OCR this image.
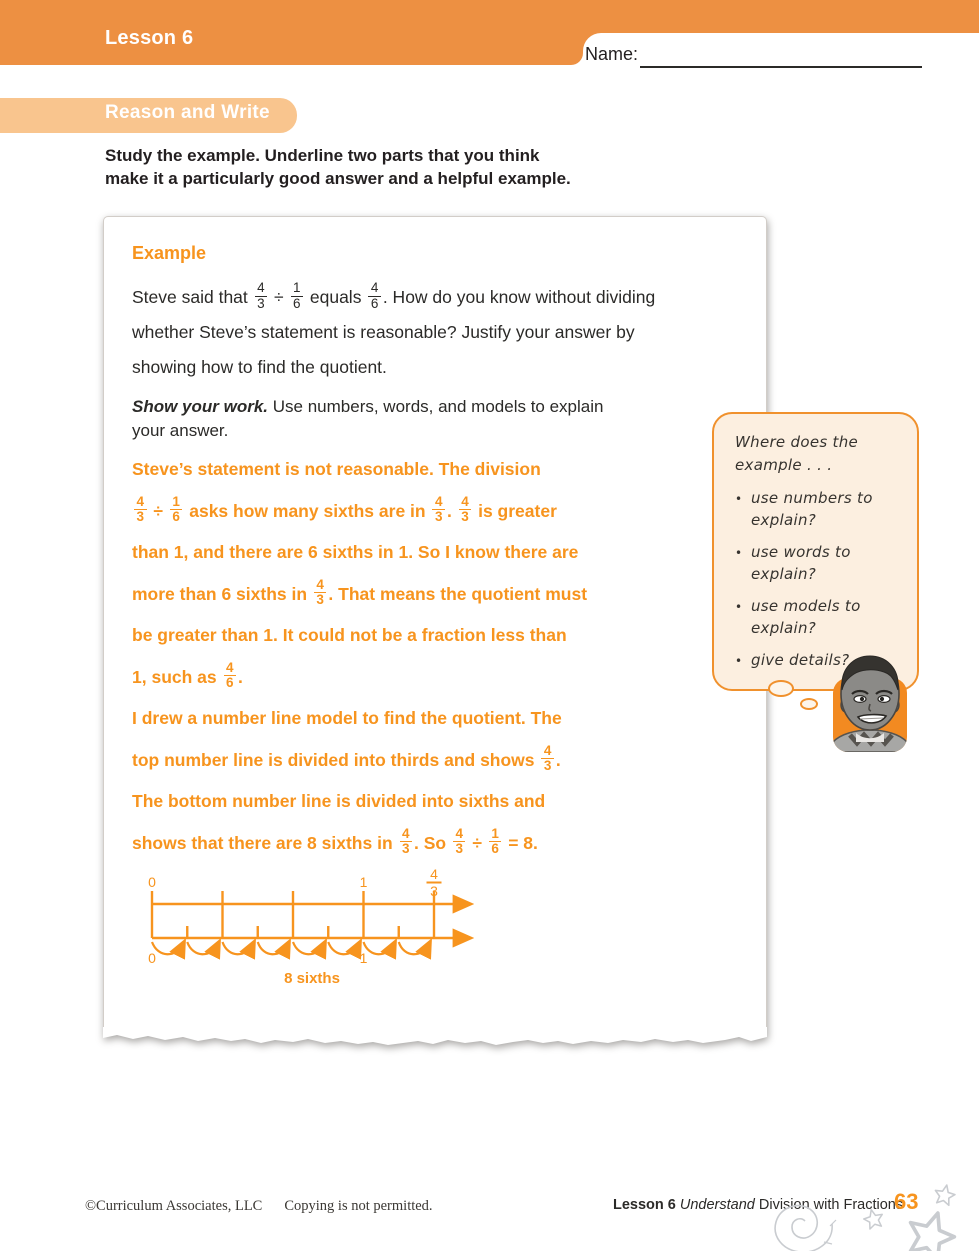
Lesson 6
Name:
Reason and Write
Study the example. Underline two parts that you think
make it a particularly good answer and a helpful example.
Example
Steve said that $\frac{4}{3} \div \frac{1}{6}$ equals $\frac{4}{6}$ . How do you know without dividing whether Steve’s statement is reasonable? Justify your answer by showing how to find the quotient.
Show your work. Use numbers, words, and models to explain your answer.
Steve’s statement is not reasonable. The division
$\frac{4}{3} \div \frac{1}{6}$ asks how many sixths are in $\frac{4}{3}$ . $\frac{4}{3}$ is greater
than 1, and there are 6 sixths in 1. So I know there are
more than 6 sixths in $\frac{4}{3}$ . That means the quotient must
be greater than 1. It could not be a fraction less than
1, such as $\frac{4}{6}$ .
I drew a number line model to find the quotient. The
top number line is divided into thirds and shows $\frac{4}{3}$ .
The bottom number line is divided into sixths and
shows that there are 8 sixths in $\frac{4}{3}$ . So $\frac{4}{3} \div \frac{1}{6} = 8$.
0	1	4
3
0	1
8 sixths
Where does the
example . . .
• use numbers to
explain?
• use words to
explain?
• use models to
explain?
• give details?
©Curriculum Associates, LLC Copying is not permitted.	Lesson 6 Understand Division with Fractions
63
